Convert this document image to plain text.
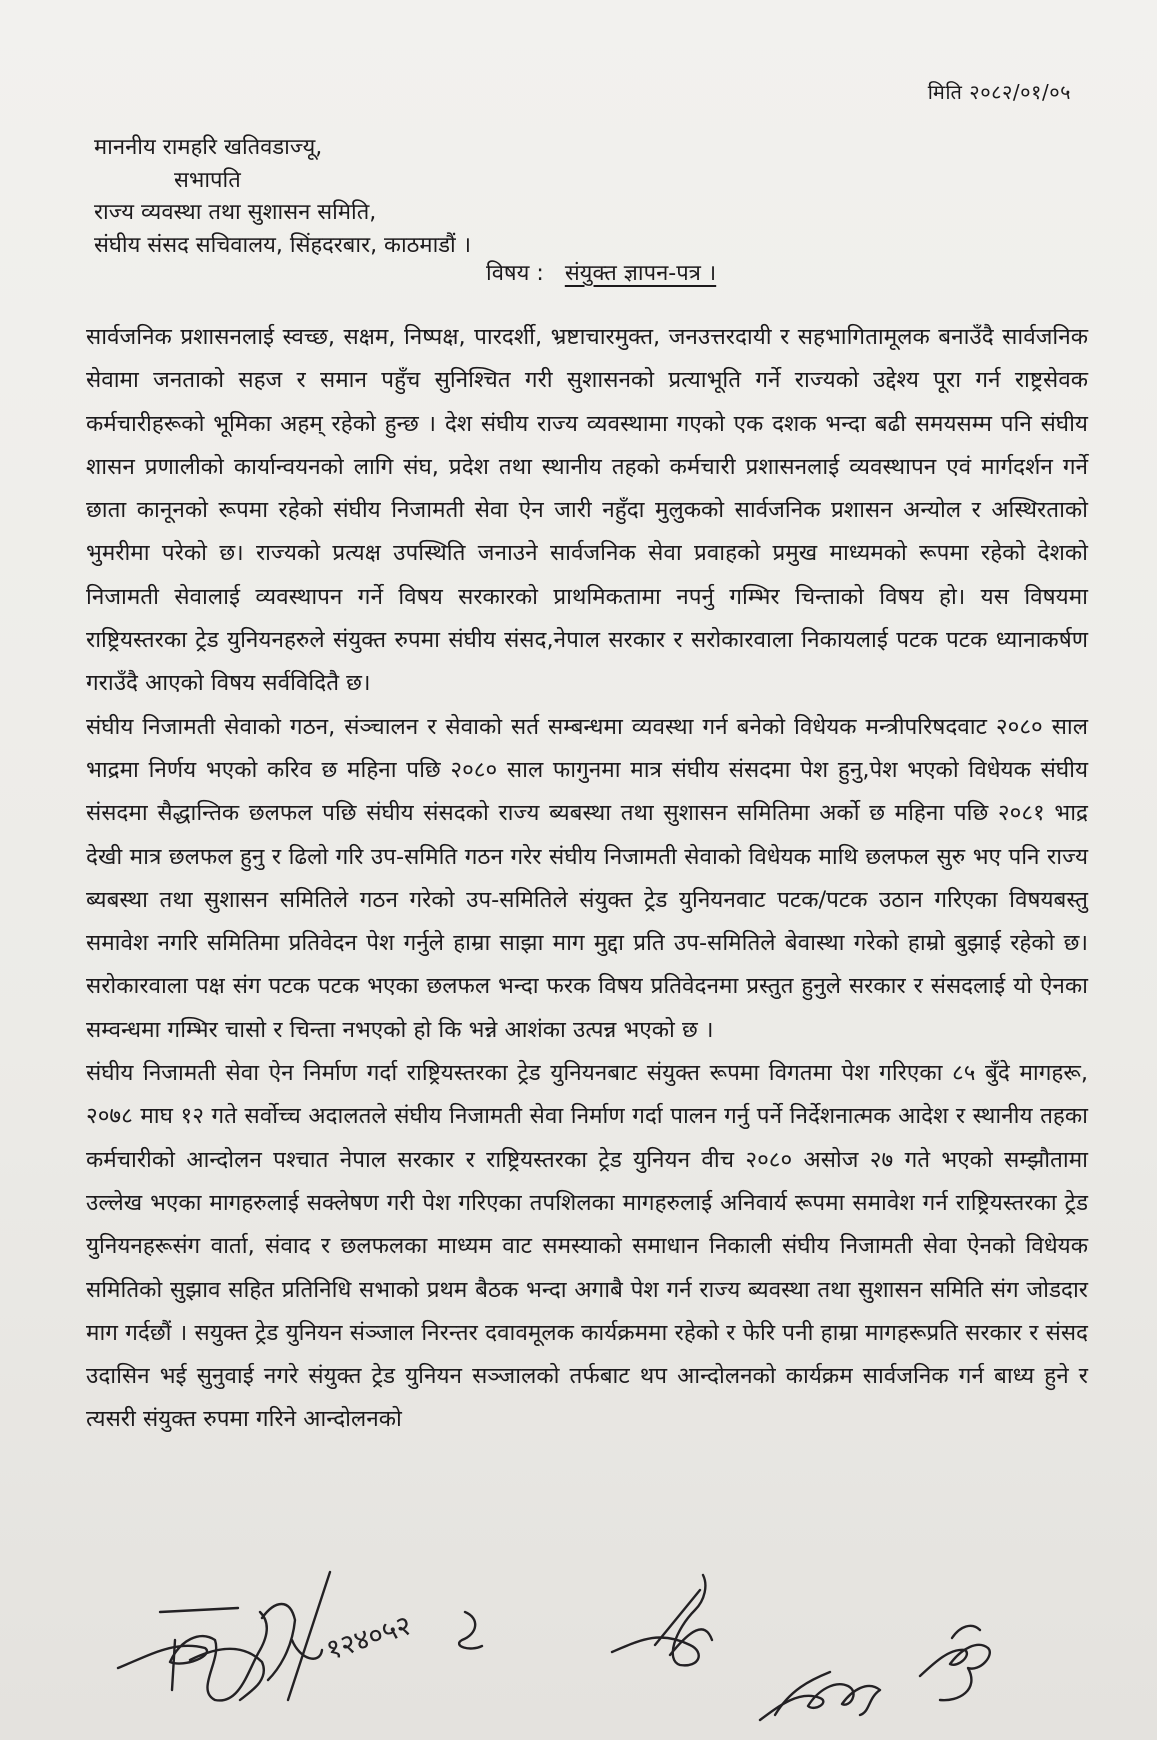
मिति २०८२/०१/०५
माननीय रामहरि खतिवडाज्यू,
सभापति
राज्य व्यवस्था तथा सुशासन समिति,
संघीय संसद सचिवालय, सिंहदरबार, काठमाडौं ।
विषय : संयुक्त ज्ञापन-पत्र ।

सार्वजनिक प्रशासनलाई स्वच्छ, सक्षम, निष्पक्ष, पारदर्शी, भ्रष्टाचारमुक्त, जनउत्तरदायी र सहभागितामूलक बनाउँदै सार्वजनिक सेवामा जनताको सहज र समान पहुँच सुनिश्चित गरी सुशासनको प्रत्याभूति गर्ने राज्यको उद्देश्य पूरा गर्न राष्ट्रसेवक कर्मचारीहरूको भूमिका अहम् रहेको हुन्छ । देश संघीय राज्य व्यवस्थामा गएको एक दशक भन्दा बढी समयसम्म पनि संघीय शासन प्रणालीको कार्यान्वयनको लागि संघ, प्रदेश तथा स्थानीय तहको कर्मचारी प्रशासनलाई व्यवस्थापन एवं मार्गदर्शन गर्ने छाता कानूनको रूपमा रहेको संघीय निजामती सेवा ऐन जारी नहुँदा मुलुकको सार्वजनिक प्रशासन अन्योल र अस्थिरताको भुमरीमा परेको छ। राज्यको प्रत्यक्ष उपस्थिति जनाउने सार्वजनिक सेवा प्रवाहको प्रमुख माध्यमको रूपमा रहेको देशको निजामती सेवालाई व्यवस्थापन गर्ने विषय सरकारको प्राथमिकतामा नपर्नु गम्भिर चिन्ताको विषय हो। यस विषयमा राष्ट्रियस्तरका ट्रेड युनियनहरुले संयुक्त रुपमा संघीय संसद,नेपाल सरकार र सरोकारवाला निकायलाई पटक पटक ध्यानाकर्षण गराउँदै आएको विषय सर्वविदितै छ।

संघीय निजामती सेवाको गठन, संञ्चालन र सेवाको सर्त सम्बन्धमा व्यवस्था गर्न बनेको विधेयक मन्त्रीपरिषदवाट २०८० साल भाद्रमा निर्णय भएको करिव छ महिना पछि २०८० साल फागुनमा मात्र संघीय संसदमा पेश हुनु,पेश भएको विधेयक संघीय संसदमा सैद्धान्तिक छलफल पछि संघीय संसदको राज्य ब्यबस्था तथा सुशासन समितिमा अर्को छ महिना पछि २०८१ भाद्र देखी मात्र छलफल हुनु र ढिलो गरि उप-समिति गठन गरेर संघीय निजामती सेवाको विधेयक माथि छलफल सुरु भए पनि राज्य ब्यबस्था तथा सुशासन समितिले गठन गरेको उप-समितिले संयुक्त ट्रेड युनियनवाट पटक/पटक उठान गरिएका विषयबस्तु समावेश नगरि समितिमा प्रतिवेदन पेश गर्नुले हाम्रा साझा माग मुद्दा प्रति उप-समितिले बेवास्था गरेको हाम्रो बुझाई रहेको छ। सरोकारवाला पक्ष संग पटक पटक भएका छलफल भन्दा फरक विषय प्रतिवेदनमा प्रस्तुत हुनुले सरकार र संसदलाई यो ऐनका सम्वन्धमा गम्भिर चासो र चिन्ता नभएको हो कि भन्ने आशंका उत्पन्न भएको छ ।

संघीय निजामती सेवा ऐन निर्माण गर्दा राष्ट्रियस्तरका ट्रेड युनियनबाट संयुक्त रूपमा विगतमा पेश गरिएका ८५ बुँदे मागहरू, २०७८ माघ १२ गते सर्वोच्च अदालतले संघीय निजामती सेवा निर्माण गर्दा पालन गर्नु पर्ने निर्देशनात्मक आदेश र स्थानीय तहका कर्मचारीको आन्दोलन पश्चात नेपाल सरकार र राष्ट्रियस्तरका ट्रेड युनियन वीच २०८० असोज २७ गते भएको सम्झौतामा उल्लेख भएका मागहरुलाई सक्लेषण गरी पेश गरिएका तपशिलका मागहरुलाई अनिवार्य रूपमा समावेश गर्न राष्ट्रियस्तरका ट्रेड युनियनहरूसंग वार्ता, संवाद र छलफलका माध्यम वाट समस्याको समाधान निकाली संघीय निजामती सेवा ऐनको विधेयक समितिको सुझाव सहित प्रतिनिधि सभाको प्रथम बैठक भन्दा अगाबै पेश गर्न राज्य ब्यवस्था तथा सुशासन समिति संग जोडदार माग गर्दछौं । सयुक्त ट्रेड युनियन संञ्जाल निरन्तर दवावमूलक कार्यक्रममा रहेको र फेरि पनी हाम्रा मागहरूप्रति सरकार र संसद उदासिन भई सुनुवाई नगरे संयुक्त ट्रेड युनियन सञ्जालको तर्फबाट थप आन्दोलनको कार्यक्रम सार्वजनिक गर्न बाध्य हुने र त्यसरी संयुक्त रुपमा गरिने आन्दोलनको

१२४०५२
